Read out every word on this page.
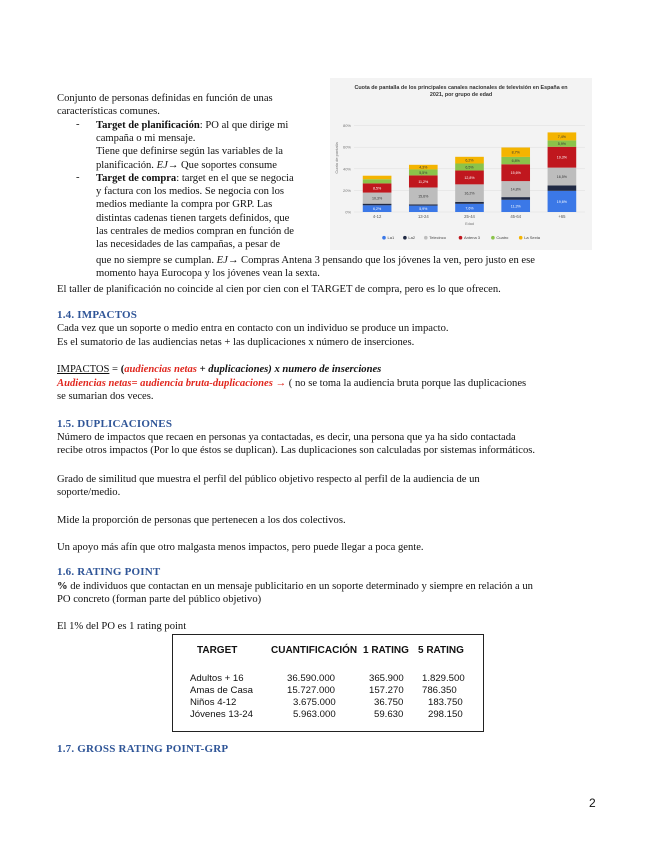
Conjunto de personas definidas en función de unas

características comunes.

- Target de planificación: PO al que dirige mi
campaña o mi mensaje.
Tiene que definirse según las variables de la
planificación. EJ→ Que soportes consume

- Target de compra: target en el que se negocia
y factura con los medios. Se negocia con los
medios mediante la compra por GRP. Las
distintas cadenas tienen targets definidos, que
las centrales de medios compran en función de
las necesidades de las campañas, a pesar de

que no siempre se cumplan. EJ→ Compras Antena 3 pensando que los jóvenes la ven, pero justo en ese

momento haya Eurocopa y los jóvenes vean la sexta.

El taller de planificación no coincide al cien por cien con el TARGET de compra, pero es lo que ofrecen.

Cuota de pantalla de los principales canales nacionales de televisión en España en
2021, por grupo de edad
0%
20%
40%
60%
80%
Cuota de pantalla
6,2%
10,3%
8,5%
4-12
5,9%
15,6%
11,2%
5,5%
4,3%
13-24
7,6%
16,2%
12,8%
6,5%
6,2%
25-44
11,3%
14,8%
15,6%
6,8%
8,7%
45-64
19,6%
16,5%
19,3%
5,9%
7,4%
+65
Edad
La1	La2	Telecinco	Antena 3	Cuatro	La Sexta
1.4. IMPACTOS

Cada vez que un soporte o medio entra en contacto con un individuo se produce un impacto.

Es el sumatorio de las audiencias netas + las duplicaciones x número de inserciones.

IMPACTOS = (audiencias netas + duplicaciones) x numero de inserciones

Audiencias netas= audiencia bruta-duplicaciones → ( no se toma la audiencia bruta porque las duplicaciones

se sumarian dos veces.

1.5. DUPLICACIONES

Número de impactos que recaen en personas ya contactadas, es decir, una persona que ya ha sido contactada

recibe otros impactos (Por lo que éstos se duplican). Las duplicaciones son calculadas por sistemas informáticos.

Grado de similitud que muestra el perfil del público objetivo respecto al perfil de la audiencia de un

soporte/medio.

Mide la proporción de personas que pertenecen a los dos colectivos.

Un apoyo más afín que otro malgasta menos impactos, pero puede llegar a poca gente.

1.6. RATING POINT

% de individuos que contactan en un mensaje publicitario en un soporte determinado y siempre en relación a un

PO concreto (forman parte del público objetivo)

El 1% del PO es 1 rating point

TARGET	CUANTIFICACIÓN 1 RATING 5 RATING
Adultos + 16	36.590.000	365.900 1.829.500
Amas de Casa	15.727.000	157.270 786.350
Niños 4-12	3.675.000	36.750	183.750
Jóvenes 13-24	5.963.000	59.630	298.150
1.7. GROSS RATING POINT-GRP
2
